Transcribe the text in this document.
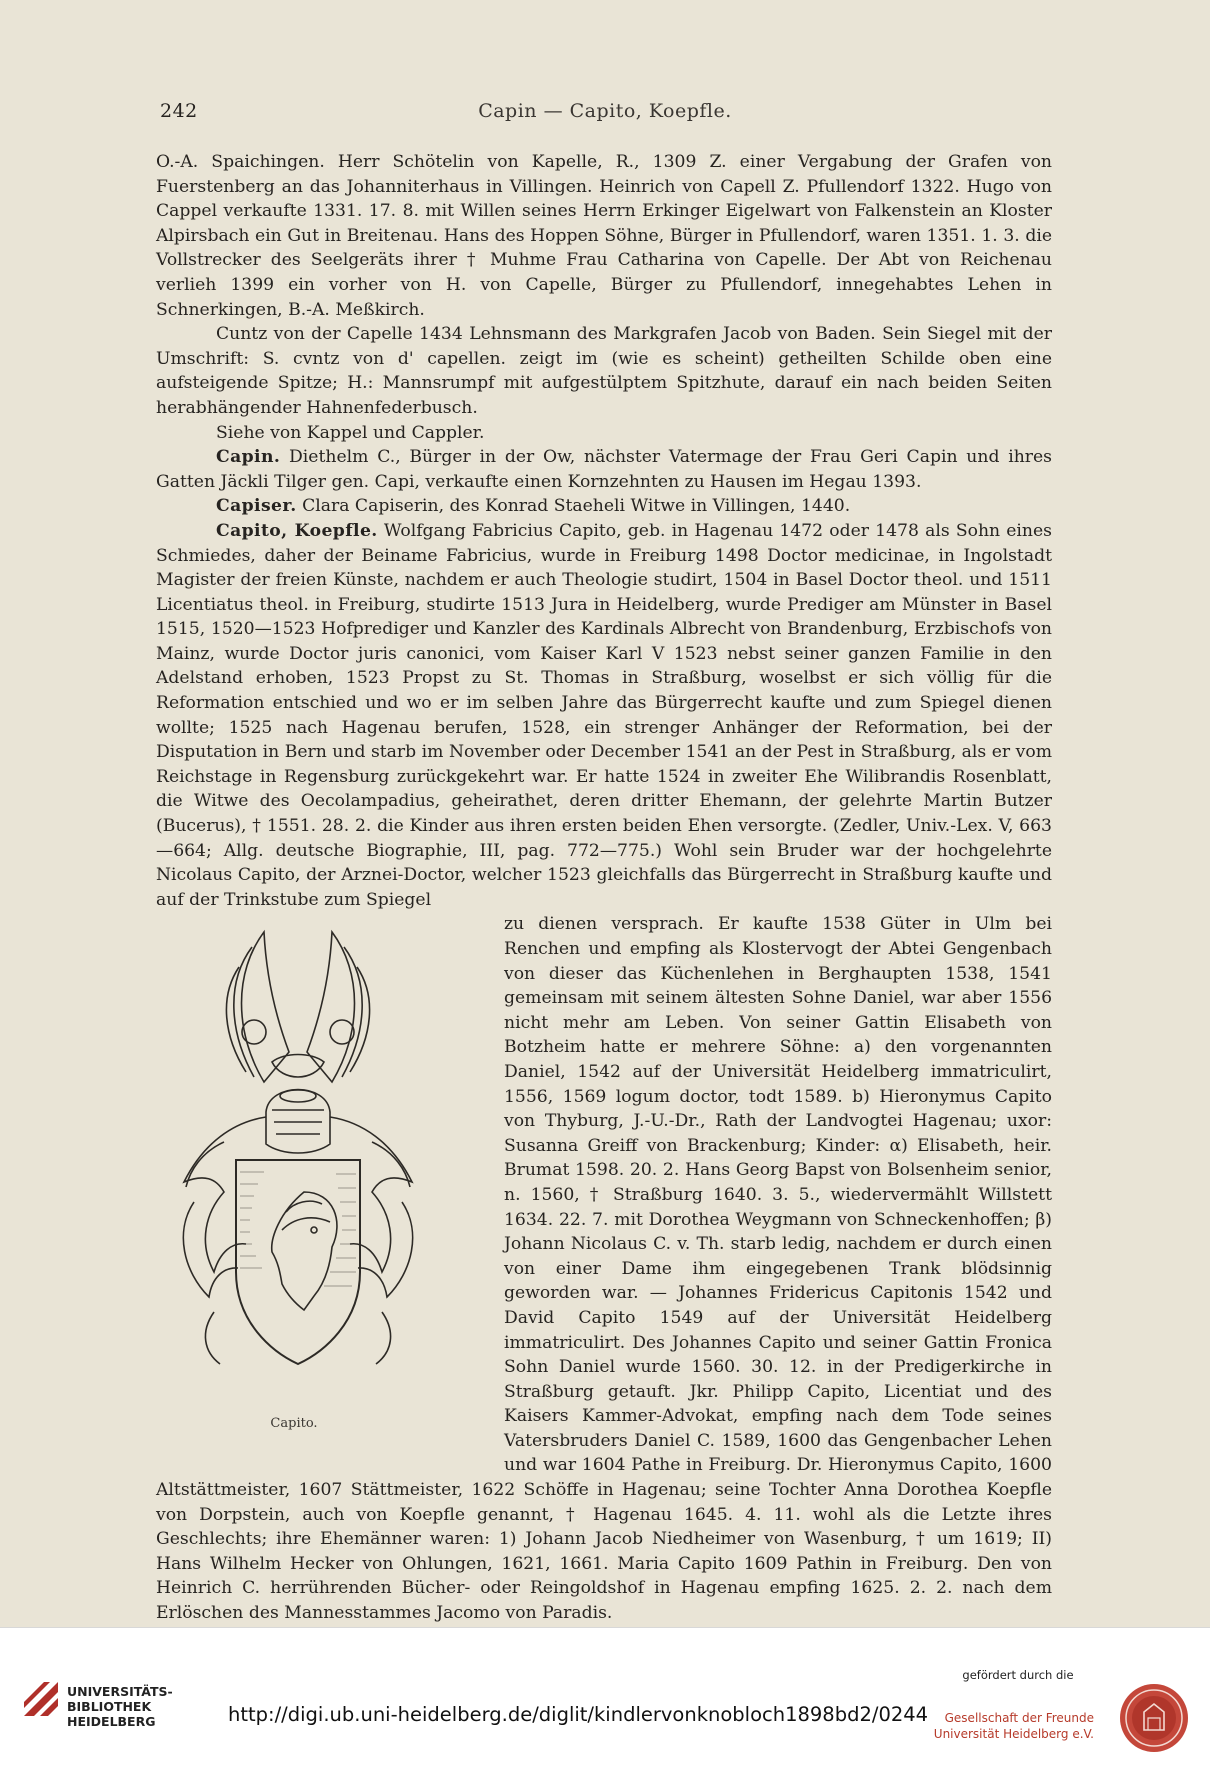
242	Capin — Capito, Koepfle.

O.-A. Spaichingen. Herr Schötelin von Kapelle, R., 1309 Z. einer Vergabung der Grafen von Fuerstenberg an das Johanniterhaus in Villingen. Heinrich von Capell Z. Pfullendorf 1322. Hugo von Cappel verkaufte 1331. 17. 8. mit Willen seines Herrn Erkinger Eigelwart von Falkenstein an Kloster Alpirsbach ein Gut in Breitenau. Hans des Hoppen Söhne, Bürger in Pfullendorf, waren 1351. 1. 3. die Vollstrecker des Seelgeräts ihrer † Muhme Frau Catharina von Capelle. Der Abt von Reichenau verlieh 1399 ein vorher von H. von Capelle, Bürger zu Pfullendorf, innegehabtes Lehen in Schnerkingen, B.-A. Meßkirch.

Cuntz von der Capelle 1434 Lehnsmann des Markgrafen Jacob von Baden. Sein Siegel mit der Umschrift: S. cvntz von d' capellen. zeigt im (wie es scheint) getheilten Schilde oben eine aufsteigende Spitze; H.: Mannsrumpf mit aufgestülptem Spitzhute, darauf ein nach beiden Seiten herabhängender Hahnenfederbusch.

Siehe von Kappel und Cappler.

Capin. Diethelm C., Bürger in der Ow, nächster Vatermage der Frau Geri Capin und ihres Gatten Jäckli Tilger gen. Capi, verkaufte einen Kornzehnten zu Hausen im Hegau 1393.

Capiser. Clara Capiserin, des Konrad Staeheli Witwe in Villingen, 1440.

Capito, Koepfle. Wolfgang Fabricius Capito, geb. in Hagenau 1472 oder 1478 als Sohn eines Schmiedes, daher der Beiname Fabricius, wurde in Freiburg 1498 Doctor medicinae, in Ingolstadt Magister der freien Künste, nachdem er auch Theologie studirt, 1504 in Basel Doctor theol. und 1511 Licentiatus theol. in Freiburg, studirte 1513 Jura in Heidelberg, wurde Prediger am Münster in Basel 1515, 1520—1523 Hofprediger und Kanzler des Kardinals Albrecht von Brandenburg, Erzbischofs von Mainz, wurde Doctor juris canonici, vom Kaiser Karl V 1523 nebst seiner ganzen Familie in den Adelstand erhoben, 1523 Propst zu St. Thomas in Straßburg, woselbst er sich völlig für die Reformation entschied und wo er im selben Jahre das Bürgerrecht kaufte und zum Spiegel dienen wollte; 1525 nach Hagenau berufen, 1528, ein strenger Anhänger der Reformation, bei der Disputation in Bern und starb im November oder December 1541 an der Pest in Straßburg, als er vom Reichstage in Regensburg zurückgekehrt war. Er hatte 1524 in zweiter Ehe Wilibrandis Rosenblatt, die Witwe des Oecolampadius, geheirathet, deren dritter Ehemann, der gelehrte Martin Butzer (Bucerus), † 1551. 28. 2. die Kinder aus ihren ersten beiden Ehen versorgte. (Zedler, Univ.-Lex. V, 663—664; Allg. deutsche Biographie, III, pag. 772—775.) Wohl sein Bruder war der hochgelehrte Nicolaus Capito, der Arznei-Doctor, welcher 1523 gleichfalls das Bürgerrecht in Straßburg kaufte und auf der Trinkstube zum Spiegel

Capito.
zu dienen versprach. Er kaufte 1538 Güter in Ulm bei Renchen und empfing als Klostervogt der Abtei Gengenbach von dieser das Küchenlehen in Berghaupten 1538, 1541 gemeinsam mit seinem ältesten Sohne Daniel, war aber 1556 nicht mehr am Leben. Von seiner Gattin Elisabeth von Botzheim hatte er mehrere Söhne: a) den vorgenannten Daniel, 1542 auf der Universität Heidelberg immatriculirt, 1556, 1569 logum doctor, todt 1589. b) Hieronymus Capito von Thyburg, J.-U.-Dr., Rath der Landvogtei Hagenau; uxor: Susanna Greiff von Brackenburg; Kinder: α) Elisabeth, heir. Brumat 1598. 20. 2. Hans Georg Bapst von Bolsenheim senior, n. 1560, † Straßburg 1640. 3. 5., wiedervermählt Willstett 1634. 22. 7. mit Dorothea Weygmann von Schneckenhoffen; β) Johann Nicolaus C. v. Th. starb ledig, nachdem er durch einen von einer Dame ihm eingegebenen Trank blödsinnig geworden war. — Johannes Fridericus Capitonis 1542 und David Capito 1549 auf der Universität Heidelberg immatriculirt. Des Johannes Capito und seiner Gattin Fronica Sohn Daniel wurde 1560. 30. 12. in der Predigerkirche in Straßburg getauft. Jkr. Philipp Capito, Licentiat und des Kaisers Kammer-Advokat, empfing nach dem Tode seines Vatersbruders Daniel C. 1589, 1600 das Gengenbacher Lehen und war 1604 Pathe in Freiburg. Dr. Hieronymus Capito, 1600 Altstättmeister, 1607 Stättmeister, 1622 Schöffe in Hagenau; seine Tochter Anna Dorothea Koepfle von Dorpstein, auch von Koepfle genannt, † Hagenau 1645. 4. 11. wohl als die Letzte ihres Geschlechts; ihre Ehemänner waren: 1) Johann Jacob Niedheimer von Wasenburg, † um 1619; II) Hans Wilhelm Hecker von Ohlungen, 1621, 1661. Maria Capito 1609 Pathin in Freiburg. Den von Heinrich C. herrührenden Bücher- oder Reingoldshof in Hagenau empfing 1625. 2. 2. nach dem Erlöschen des Mannesstammes Jacomo von Paradis.

UNIVERSITÄTS-
BIBLIOTHEK
HEIDELBERG	http://digi.ub.uni-heidelberg.de/diglit/kindlervonknobloch1898bd2/0244
gefördert durch die
Gesellschaft der Freunde
Universität Heidelberg e.V.
